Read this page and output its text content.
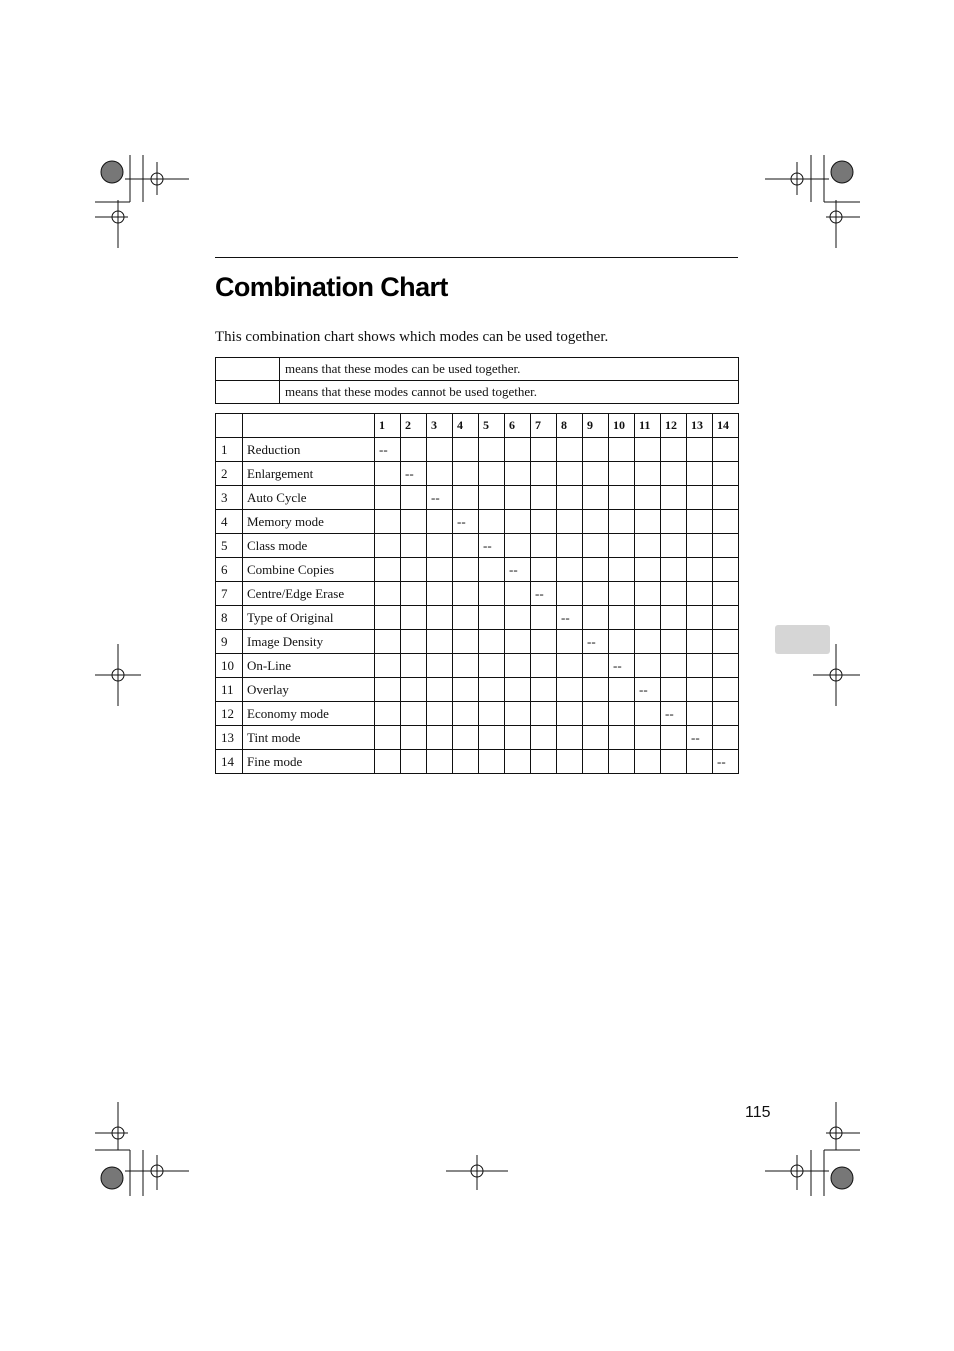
Combination Chart

This combination chart shows which modes can be used together.

	means that these modes can be used together.
	means that these modes cannot be used together.
		1	2	3	4	5	6	7	8	9	10	11	12	13	14
1	Reduction	--													
2	Enlargement		--												
3	Auto Cycle			--											
4	Memory mode				--										
5	Class mode					--									
6	Combine Copies						--								
7	Centre/Edge Erase							--							
8	Type of Original								--						
9	Image Density									--					
10	On-Line										--				
11	Overlay											--			
12	Economy mode												--		
13	Tint mode													--	
14	Fine mode														--
115
